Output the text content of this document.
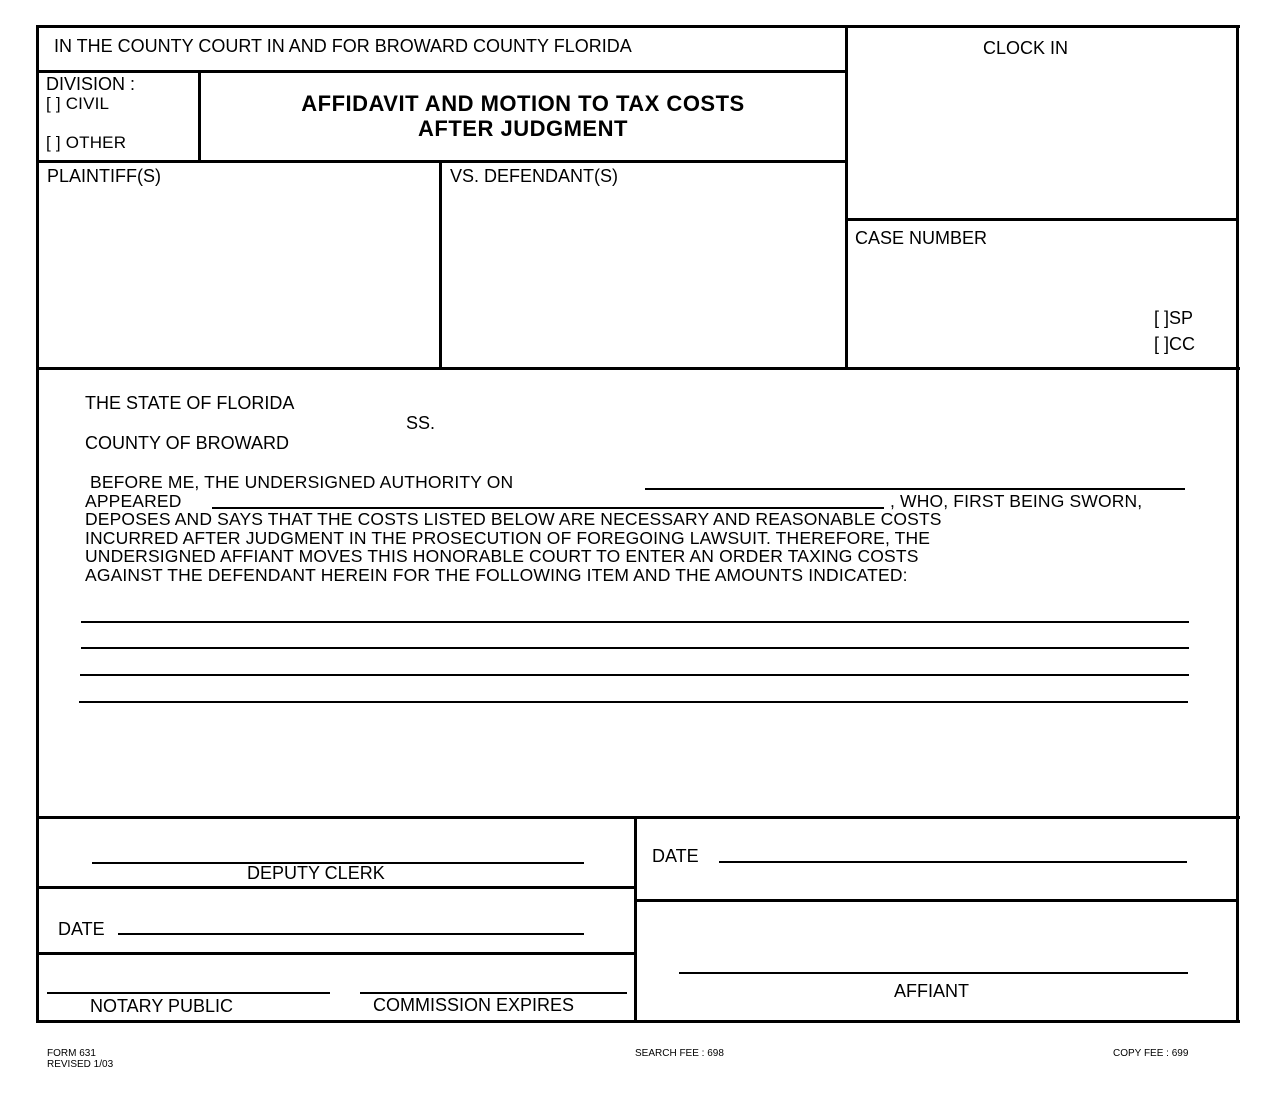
IN THE COUNTY COURT IN AND FOR BROWARD COUNTY FLORIDA	CLOCK IN
DIVISION :
[ ] CIVIL
[ ] OTHER
AFFIDAVIT AND MOTION TO TAX COSTS
AFTER JUDGMENT
PLAINTIFF(S)	VS. DEFENDANT(S)
CASE NUMBER
[ ]SP
[ ]CC
THE STATE OF FLORIDA
SS.
COUNTY OF BROWARD
BEFORE ME, THE UNDERSIGNED AUTHORITY ON
APPEARED
DEPOSES AND SAYS THAT THE COSTS LISTED BELOW ARE NECESSARY AND REASONABLE COSTS
INCURRED AFTER JUDGMENT IN THE PROSECUTION OF FOREGOING LAWSUIT. THEREFORE, THE
UNDERSIGNED AFFIANT MOVES THIS HONORABLE COURT TO ENTER AN ORDER TAXING COSTS
AGAINST THE DEFENDANT HEREIN FOR THE FOLLOWING ITEM AND THE AMOUNTS INDICATED:
, WHO, FIRST BEING SWORN,
DEPUTY CLERK
DATE
NOTARY PUBLIC	COMMISSION EXPIRES
DATE
AFFIANT
FORM 631
REVISED 1/03
SEARCH FEE : 698	COPY FEE : 699
